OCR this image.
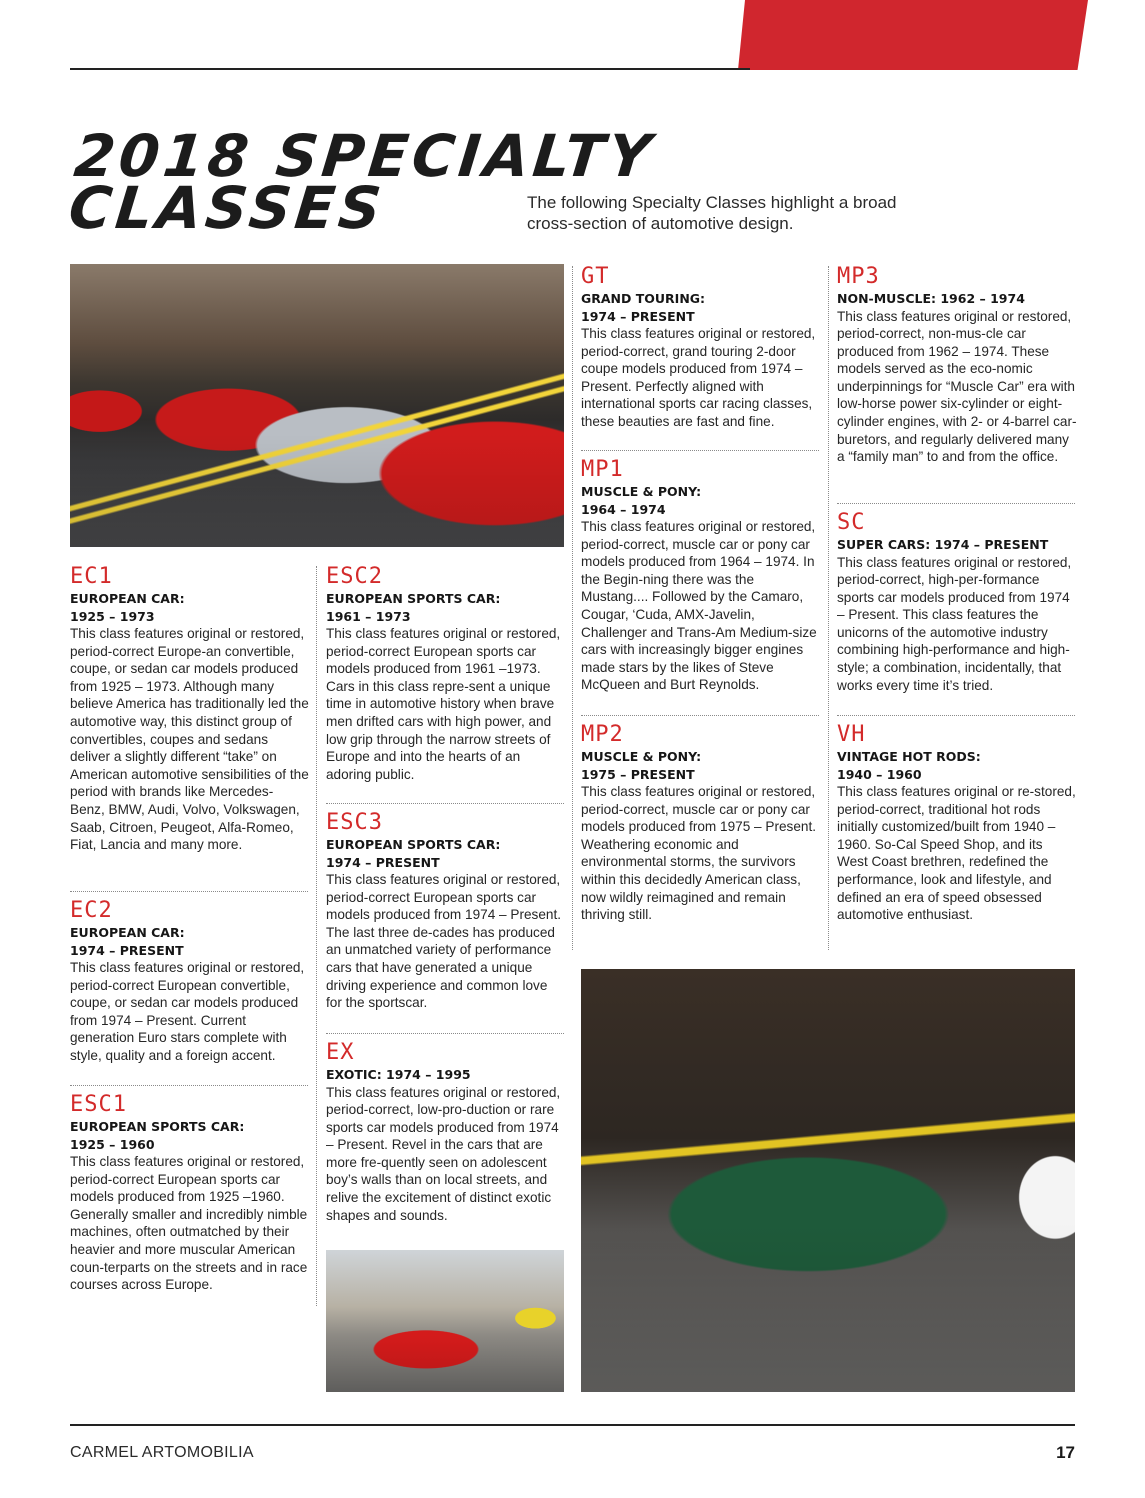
2018 SPECIALTY
CLASSES	The following Specialty Classes highlight a broad cross-section of automotive design.
EC1
EUROPEAN CAR:
1925 – 1973

This class features original or restored, period-correct Europe-an convertible, coupe, or sedan car models produced from 1925 – 1973. Although many believe America has traditionally led the automotive way, this distinct group of convertibles, coupes and sedans deliver a slightly different “take” on American automotive sensibilities of the period with brands like Mercedes- Benz, BMW, Audi, Volvo, Volkswagen, Saab, Citroen, Peugeot, Alfa-Romeo, Fiat, Lancia and many more.

EC2
EUROPEAN CAR:
1974 – PRESENT

This class features original or restored, period-correct European convertible, coupe, or sedan car models produced from 1974 – Present. Current generation Euro stars complete with style, quality and a foreign accent.

ESC1
EUROPEAN SPORTS CAR:
1925 – 1960

This class features original or restored, period-correct European sports car models produced from 1925 –1960. Generally smaller and incredibly nimble machines, often outmatched by their heavier and more muscular American coun-terparts on the streets and in race courses across Europe.

ESC2
EUROPEAN SPORTS CAR:
1961 – 1973

This class features original or restored, period-correct European sports car models produced from 1961 –1973. Cars in this class repre-sent a unique time in automotive history when brave men drifted cars with high power, and low grip through the narrow streets of Europe and into the hearts of an adoring public.

ESC3
EUROPEAN SPORTS CAR:
1974 – PRESENT

This class features original or restored, period-correct European sports car models produced from 1974 – Present. The last three de-cades has produced an unmatched variety of performance cars that have generated a unique driving experience and common love for the sportscar.

EX
EXOTIC: 1974 – 1995

This class features original or restored, period-correct, low-pro-duction or rare sports car models produced from 1974 – Present. Revel in the cars that are more fre-quently seen on adolescent boy’s walls than on local streets, and relive the excitement of distinct exotic shapes and sounds.

GT
GRAND TOURING:
1974 – PRESENT

This class features original or restored, period-correct, grand touring 2-door coupe models produced from 1974 – Present. Perfectly aligned with international sports car racing classes, these beauties are fast and fine.

MP1
MUSCLE & PONY:
1964 – 1974

This class features original or restored, period-correct, muscle car or pony car models produced from 1964 – 1974. In the Begin-ning there was the Mustang.... Followed by the Camaro, Cougar, ‘Cuda, AMX-Javelin, Challenger and Trans-Am Medium-size cars with increasingly bigger engines made stars by the likes of Steve McQueen and Burt Reynolds.

MP2
MUSCLE & PONY:
1975 – PRESENT

This class features original or restored, period-correct, muscle car or pony car models produced from 1975 – Present. Weathering economic and environmental storms, the survivors within this decidedly American class, now wildly reimagined and remain thriving still.

MP3
NON-MUSCLE: 1962 – 1974

This class features original or restored, period-correct, non-mus-cle car produced from 1962 – 1974. These models served as the eco-nomic underpinnings for “Muscle Car” era with low-horse power six-cylinder or eight-cylinder engines, with 2- or 4-barrel car-buretors, and regularly delivered many a “family man” to and from the office.

SC
SUPER CARS: 1974 – PRESENT

This class features original or restored, period-correct, high-per-formance sports car models produced from 1974 – Present. This class features the unicorns of the automotive industry combining high-performance and high-style; a combination, incidentally, that works every time it’s tried.

VH
VINTAGE HOT RODS:
1940 – 1960

This class features original or re-stored, period-correct, traditional hot rods initially customized/built from 1940 – 1960. So-Cal Speed Shop, and its West Coast brethren, redefined the performance, look and lifestyle, and defined an era of speed obsessed automotive enthusiast.

CARMEL ARTOMOBILIA	17
